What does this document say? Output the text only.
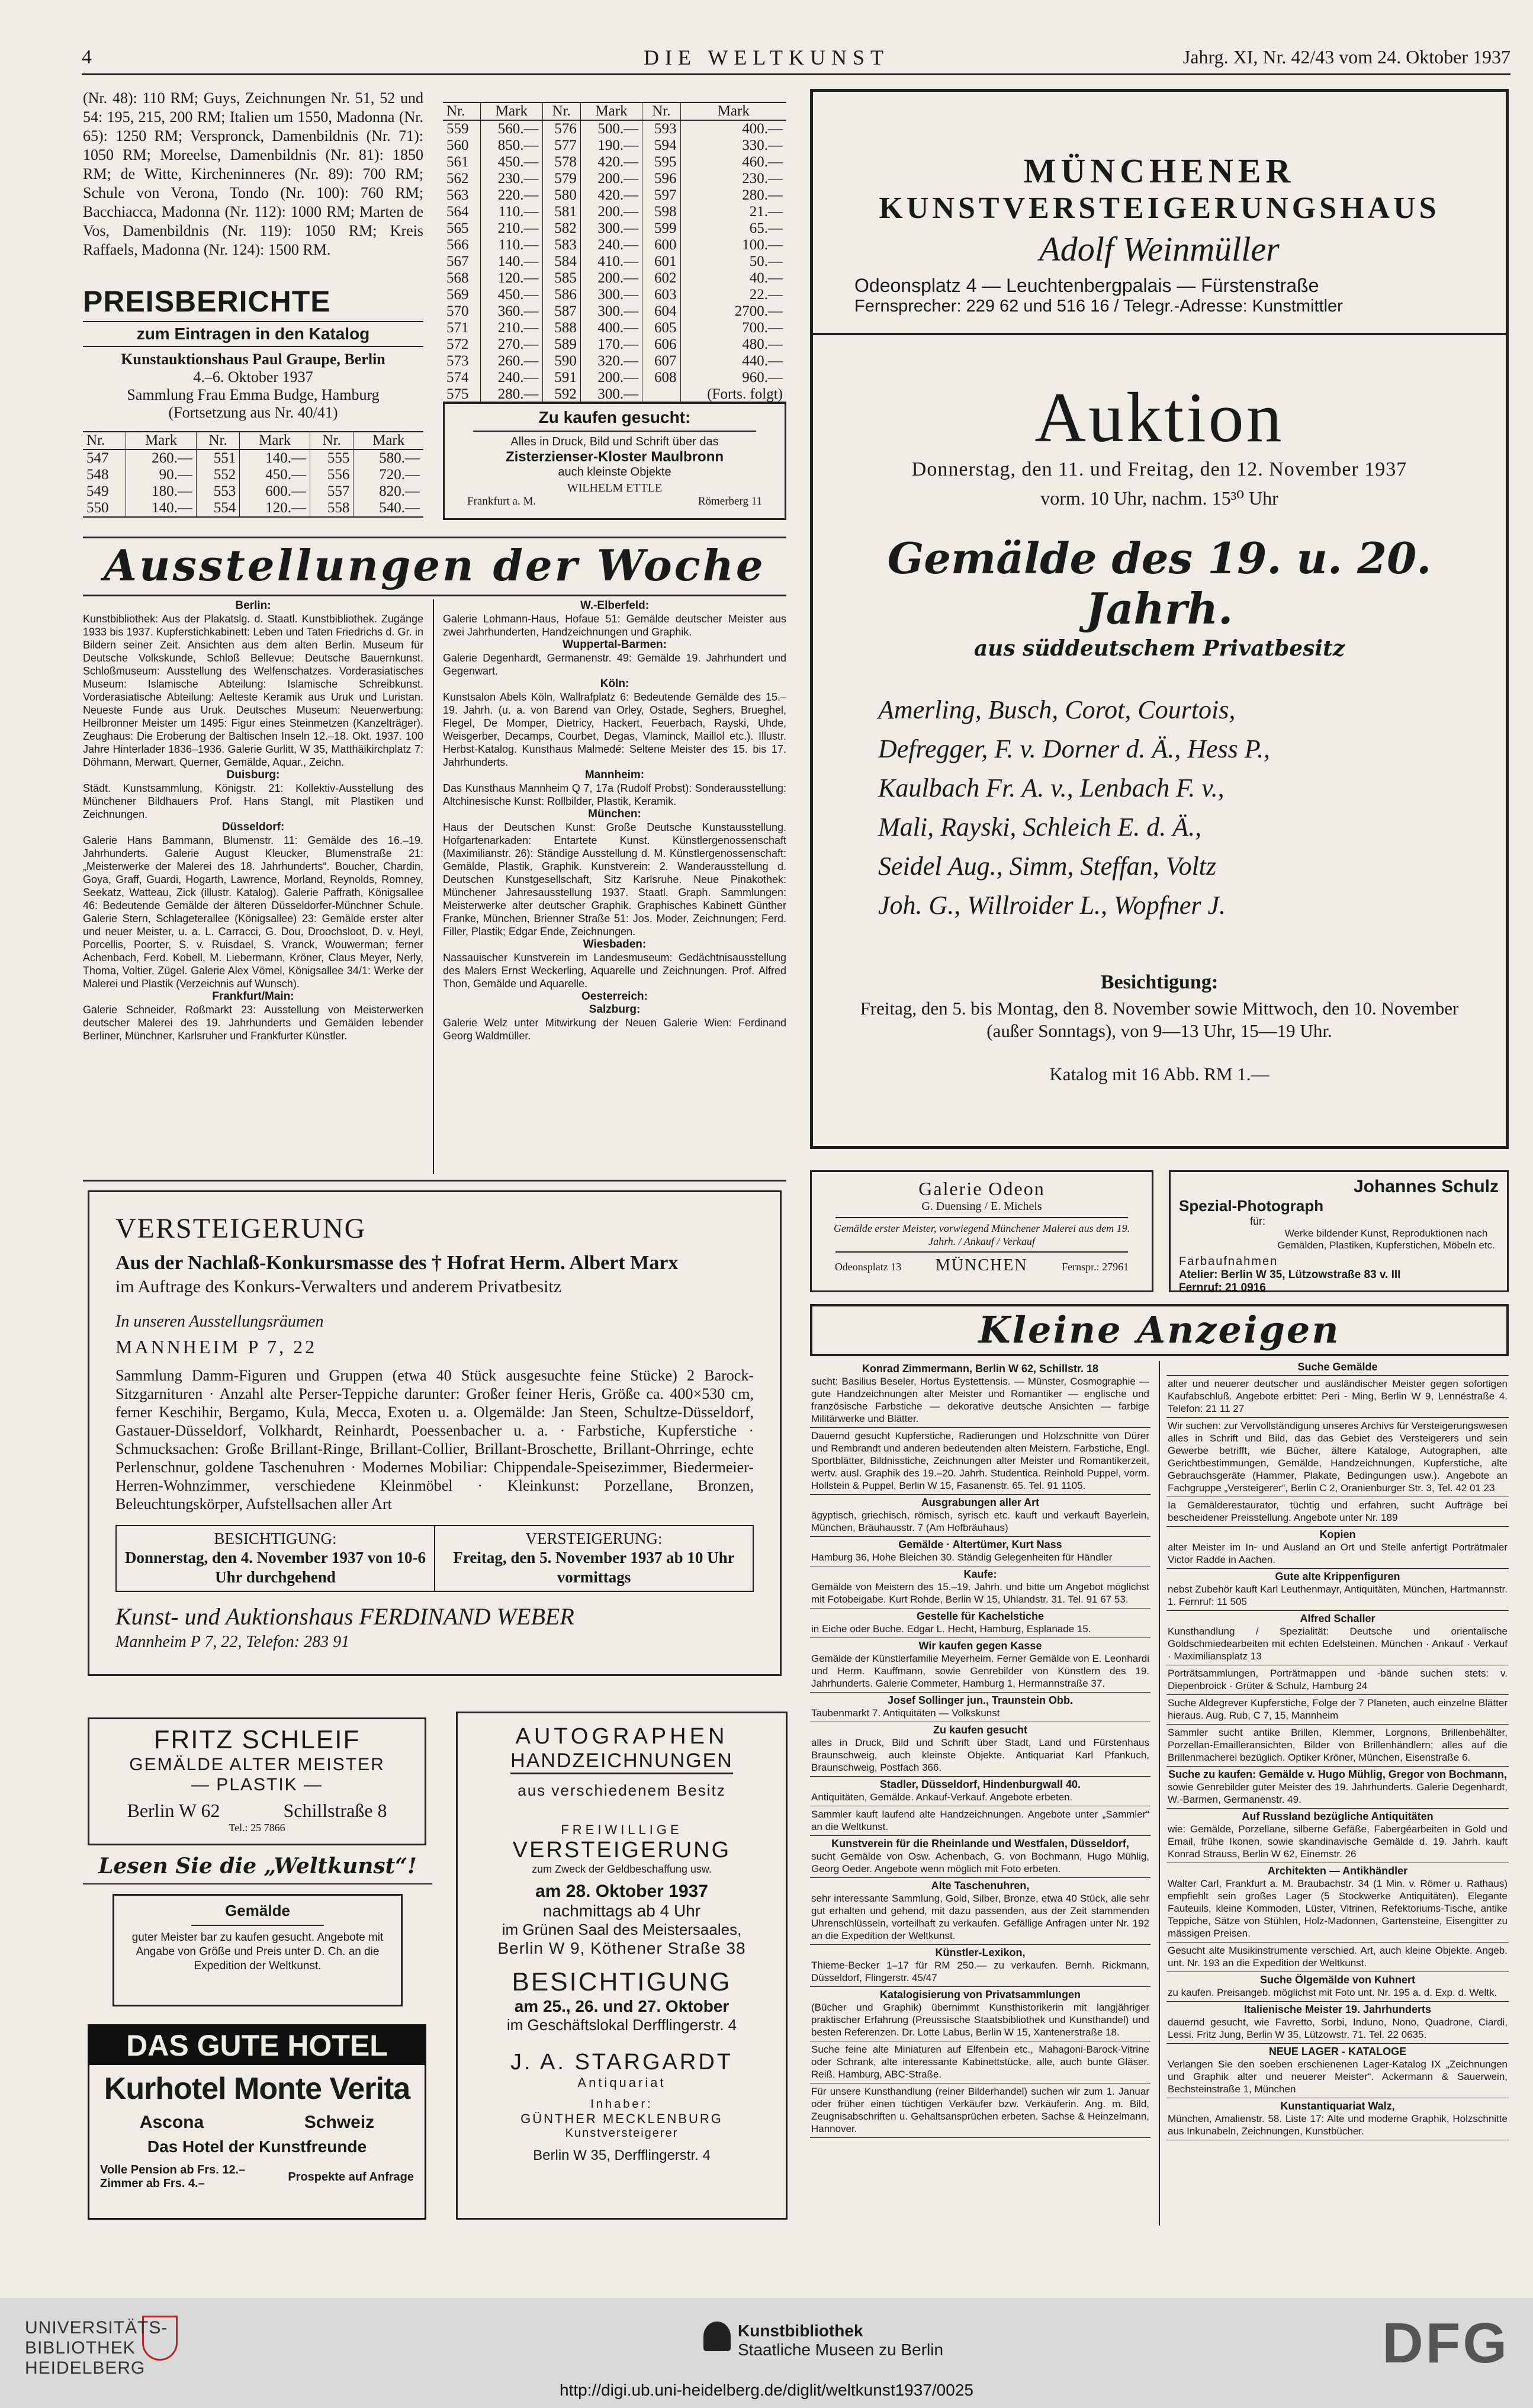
4	DIE WELTKUNST	Jahrg. XI, Nr. 42/43 vom 24. Oktober 1937
(Nr. 48): 110 RM; Guys, Zeichnungen Nr. 51, 52 und 54: 195, 215, 200 RM; Italien um 1550, Madonna (Nr. 65): 1250 RM; Verspronck, Damenbildnis (Nr. 71): 1050 RM; Moreelse, Damenbildnis (Nr. 81): 1850 RM; de Witte, Kircheninneres (Nr. 89): 700 RM; Schule von Verona, Tondo (Nr. 100): 760 RM; Bacchiacca, Madonna (Nr. 112): 1000 RM; Marten de Vos, Damenbildnis (Nr. 119): 1050 RM; Kreis Raffaels, Madonna (Nr. 124): 1500 RM.
PREISBERICHTE
zum Eintragen in den Katalog
Kunstauktionshaus Paul Graupe, Berlin
4.–6. Oktober 1937
Sammlung Frau Emma Budge, Hamburg
(Fortsetzung aus Nr. 40/41)
Nr.	Mark	Nr.	Mark	Nr.	Mark
547	260.—	551	140.—	555	580.—
548	90.—	552	450.—	556	720.—
549	180.—	553	600.—	557	820.—
550	140.—	554	120.—	558	540.—
Nr.	Mark	Nr.	Mark	Nr.	Mark
559	560.—	576	500.—	593	400.—
560	850.—	577	190.—	594	330.—
561	450.—	578	420.—	595	460.—
562	230.—	579	200.—	596	230.—
563	220.—	580	420.—	597	280.—
564	110.—	581	200.—	598	21.—
565	210.—	582	300.—	599	65.—
566	110.—	583	240.—	600	100.—
567	140.—	584	410.—	601	50.—
568	120.—	585	200.—	602	40.—
569	450.—	586	300.—	603	22.—
570	360.—	587	300.—	604	2700.—
571	210.—	588	400.—	605	700.—
572	270.—	589	170.—	606	480.—
573	260.—	590	320.—	607	440.—
574	240.—	591	200.—	608	960.—
575	280.—	592	300.—		(Forts. folgt)
Zu kaufen gesucht:
Alles in Druck, Bild und Schrift über das
Zisterzienser-Kloster Maulbronn
auch kleinste Objekte
WILHELM ETTLE
Frankfurt a. M.	Römerberg 11
Ausstellungen der Woche
Berlin:
Kunstbibliothek: Aus der Plakatslg. d. Staatl. Kunstbibliothek. Zugänge 1933 bis 1937. Kupferstichkabinett: Leben und Taten Friedrichs d. Gr. in Bildern seiner Zeit. Ansichten aus dem alten Berlin. Museum für Deutsche Volkskunde, Schloß Bellevue: Deutsche Bauernkunst. Schloßmuseum: Ausstellung des Welfenschatzes. Vorderasiatisches Museum: Islamische Abteilung: Islamische Schreibkunst. Vorderasiatische Abteilung: Aelteste Keramik aus Uruk und Luristan. Neueste Funde aus Uruk. Deutsches Museum: Neuerwerbung: Heilbronner Meister um 1495: Figur eines Steinmetzen (Kanzelträger). Zeughaus: Die Eroberung der Baltischen Inseln 12.–18. Okt. 1937. 100 Jahre Hinterlader 1836–1936. Galerie Gurlitt, W 35, Matthäikirchplatz 7: Döhmann, Merwart, Querner, Gemälde, Aquar., Zeichn.
Duisburg:
Städt. Kunstsammlung, Königstr. 21: Kollektiv-Ausstellung des Münchener Bildhauers Prof. Hans Stangl, mit Plastiken und Zeichnungen.
Düsseldorf:
Galerie Hans Bammann, Blumenstr. 11: Gemälde des 16.–19. Jahrhunderts. Galerie August Kleucker, Blumenstraße 21: „Meisterwerke der Malerei des 18. Jahrhunderts“. Boucher, Chardin, Goya, Graff, Guardi, Hogarth, Lawrence, Morland, Reynolds, Romney, Seekatz, Watteau, Zick (illustr. Katalog). Galerie Paffrath, Königsallee 46: Bedeutende Gemälde der älteren Düsseldorfer-Münchner Schule. Galerie Stern, Schlageterallee (Königsallee) 23: Gemälde erster alter und neuer Meister, u. a. L. Carracci, G. Dou, Droochsloot, D. v. Heyl, Porcellis, Poorter, S. v. Ruisdael, S. Vranck, Wouwerman; ferner Achenbach, Ferd. Kobell, M. Liebermann, Kröner, Claus Meyer, Nerly, Thoma, Voltier, Zügel. Galerie Alex Vömel, Königsallee 34/1: Werke der Malerei und Plastik (Verzeichnis auf Wunsch).
Frankfurt/Main:
Galerie Schneider, Roßmarkt 23: Ausstellung von Meisterwerken deutscher Malerei des 19. Jahrhunderts und Gemälden lebender Berliner, Münchner, Karlsruher und Frankfurter Künstler.
W.-Elberfeld:
Galerie Lohmann-Haus, Hofaue 51: Gemälde deutscher Meister aus zwei Jahrhunderten, Handzeichnungen und Graphik.
Wuppertal-Barmen:
Galerie Degenhardt, Germanenstr. 49: Gemälde 19. Jahrhundert und Gegenwart.
Köln:
Kunstsalon Abels Köln, Wallrafplatz 6: Bedeutende Gemälde des 15.–19. Jahrh. (u. a. von Barend van Orley, Ostade, Seghers, Brueghel, Flegel, De Momper, Dietricy, Hackert, Feuerbach, Rayski, Uhde, Weisgerber, Decamps, Courbet, Degas, Vlaminck, Maillol etc.). Illustr. Herbst-Katalog. Kunsthaus Malmedé: Seltene Meister des 15. bis 17. Jahrhunderts.
Mannheim:
Das Kunsthaus Mannheim Q 7, 17a (Rudolf Probst): Sonderausstellung: Altchinesische Kunst: Rollbilder, Plastik, Keramik.
München:
Haus der Deutschen Kunst: Große Deutsche Kunstausstellung. Hofgartenarkaden: Entartete Kunst. Künstlergenossenschaft (Maximilianstr. 26): Ständige Ausstellung d. M. Künstlergenossenschaft: Gemälde, Plastik, Graphik. Kunstverein: 2. Wanderausstellung d. Deutschen Kunstgesellschaft, Sitz Karlsruhe. Neue Pinakothek: Münchener Jahresausstellung 1937. Staatl. Graph. Sammlungen: Meisterwerke alter deutscher Graphik. Graphisches Kabinett Günther Franke, München, Brienner Straße 51: Jos. Moder, Zeichnungen; Ferd. Filler, Plastik; Edgar Ende, Zeichnungen.
Wiesbaden:
Nassauischer Kunstverein im Landesmuseum: Gedächtnisausstellung des Malers Ernst Weckerling, Aquarelle und Zeichnungen. Prof. Alfred Thon, Gemälde und Aquarelle.
Oesterreich:
Salzburg:
Galerie Welz unter Mitwirkung der Neuen Galerie Wien: Ferdinand Georg Waldmüller.
VERSTEIGERUNG
Aus der Nachlaß-Konkursmasse des † Hofrat Herm. Albert Marx
im Auftrage des Konkurs-Verwalters und anderem Privatbesitz
In unseren Ausstellungsräumen
MANNHEIM P 7, 22
Sammlung Damm-Figuren und Gruppen (etwa 40 Stück ausgesuchte feine Stücke) 2 Barock-Sitzgarnituren · Anzahl alte Perser-Teppiche darunter: Großer feiner Heris, Größe ca. 400×530 cm, ferner Keschihir, Bergamo, Kula, Mecca, Exoten u. a. Olgemälde: Jan Steen, Schultze-Düsseldorf, Gastauer-Düsseldorf, Volkhardt, Reinhardt, Poessenbacher u. a. · Farbstiche, Kupferstiche · Schmucksachen: Große Brillant-Ringe, Brillant-Collier, Brillant-Broschette, Brillant-Ohrringe, echte Perlenschnur, goldene Taschenuhren · Modernes Mobiliar: Chippendale-Speisezimmer, Biedermeier-Herren-Wohnzimmer, verschiedene Kleinmöbel · Kleinkunst: Porzellane, Bronzen, Beleuchtungskörper, Aufstellsachen aller Art
BESICHTIGUNG:
Donnerstag, den 4. November 1937 von 10-6 Uhr durchgehend
VERSTEIGERUNG:
Freitag, den 5. November 1937 ab 10 Uhr vormittags
Kunst- und Auktionshaus FERDINAND WEBER
Mannheim P 7, 22, Telefon: 283 91
FRITZ SCHLEIF
GEMÄLDE ALTER MEISTER
— PLASTIK —
Berlin W 62	Schillstraße 8
Tel.: 25 7866
Lesen Sie die „Weltkunst“!
Gemälde
guter Meister bar zu kaufen gesucht. Angebote mit Angabe von Größe und Preis unter D. Ch. an die Expedition der Weltkunst.
DAS GUTE HOTEL
Kurhotel Monte Verita
Ascona	Schweiz
Das Hotel der Kunstfreunde
Volle Pension ab Frs. 12.–
Zimmer ab Frs. 4.–
Prospekte auf Anfrage
AUTOGRAPHEN
HANDZEICHNUNGEN
aus verschiedenem Besitz
FREIWILLIGE
VERSTEIGERUNG
zum Zweck der Geldbeschaffung usw.
am 28. Oktober 1937
nachmittags ab 4 Uhr
im Grünen Saal des Meistersaales,
Berlin W 9, Köthener Straße 38
BESICHTIGUNG
am 25., 26. und 27. Oktober
im Geschäftslokal Derfflingerstr. 4
J. A. STARGARDT
Antiquariat
Inhaber:
GÜNTHER MECKLENBURG
Kunstversteigerer
Berlin W 35, Derfflingerstr. 4
MÜNCHENER
KUNSTVERSTEIGERUNGSHAUS
Adolf Weinmüller
Odeonsplatz 4 — Leuchtenbergpalais — Fürstenstraße
Fernsprecher: 229 62 und 516 16 / Telegr.-Adresse: Kunstmittler
Auktion
Donnerstag, den 11. und Freitag, den 12. November 1937
vorm. 10 Uhr, nachm. 15³⁰ Uhr
Gemälde des 19. u. 20. Jahrh.
aus süddeutschem Privatbesitz
Amerling, Busch, Corot, Courtois,
Defregger, F. v. Dorner d. Ä., Hess P.,
Kaulbach Fr. A. v., Lenbach F. v.,
Mali, Rayski, Schleich E. d. Ä.,
Seidel Aug., Simm, Steffan, Voltz
Joh. G., Willroider L., Wopfner J.
Besichtigung:
Freitag, den 5. bis Montag, den 8. November sowie Mittwoch, den 10. November (außer Sonntags), von 9—13 Uhr, 15—19 Uhr.
Katalog mit 16 Abb. RM 1.—
Galerie Odeon
G. Duensing / E. Michels
Gemälde erster Meister, vorwiegend Münchener Malerei aus dem 19. Jahrh. / Ankauf / Verkauf
Odeonsplatz 13 MÜNCHEN	Fernspr.: 27961
Johannes Schulz
Spezial-Photograph
für:
Werke bildender Kunst, Reproduktionen nach Gemälden, Plastiken, Kupferstichen, Möbeln etc.
Farbaufnahmen
Atelier: Berlin W 35, Lützowstraße 83 v. III
Fernruf: 21 0916
Kleine Anzeigen
Konrad Zimmermann, Berlin W 62, Schillstr. 18
sucht: Basilius Beseler, Hortus Eystettensis. — Münster, Cosmographie — gute Handzeichnungen alter Meister und Romantiker — englische und französische Farbstiche — dekorative deutsche Ansichten — farbige Militärwerke und Blätter.
Dauernd gesucht Kupferstiche, Radierungen und Holzschnitte von Dürer und Rembrandt und anderen bedeutenden alten Meistern. Farbstiche, Engl. Sportblätter, Bildnisstiche, Zeichnungen alter Meister und Romantikerzeit, wertv. ausl. Graphik des 19.–20. Jahrh. Studentica. Reinhold Puppel, vorm. Hollstein & Puppel, Berlin W 15, Fasanenstr. 65. Tel. 91 1105.
Ausgrabungen aller Art
ägyptisch, griechisch, römisch, syrisch etc. kauft und verkauft Bayerlein, München, Bräuhausstr. 7 (Am Hofbräuhaus)
Gemälde · Altertümer, Kurt Nass
Hamburg 36, Hohe Bleichen 30. Ständig Gelegenheiten für Händler
Kaufe:
Gemälde von Meistern des 15.–19. Jahrh. und bitte um Angebot möglichst mit Fotobeigabe. Kurt Rohde, Berlin W 15, Uhlandstr. 31. Tel. 91 67 53.
Gestelle für Kachelstiche
in Eiche oder Buche. Edgar L. Hecht, Hamburg, Esplanade 15.
Wir kaufen gegen Kasse
Gemälde der Künstlerfamilie Meyerheim. Ferner Gemälde von E. Leonhardi und Herm. Kauffmann, sowie Genrebilder von Künstlern des 19. Jahrhunderts. Galerie Commeter, Hamburg 1, Hermannstraße 37.
Josef Sollinger jun., Traunstein Obb.
Taubenmarkt 7. Antiquitäten — Volkskunst
Zu kaufen gesucht
alles in Druck, Bild und Schrift über Stadt, Land und Fürstenhaus Braunschweig, auch kleinste Objekte. Antiquariat Karl Pfankuch, Braunschweig, Postfach 366.
Stadler, Düsseldorf, Hindenburgwall 40.
Antiquitäten, Gemälde. Ankauf-Verkauf. Angebote erbeten.
Sammler kauft laufend alte Handzeichnungen. Angebote unter „Sammler“ an die Weltkunst.
Kunstverein für die Rheinlande und Westfalen, Düsseldorf,
sucht Gemälde von Osw. Achenbach, G. von Bochmann, Hugo Mühlig, Georg Oeder. Angebote wenn möglich mit Foto erbeten.
Alte Taschenuhren,
sehr interessante Sammlung, Gold, Silber, Bronze, etwa 40 Stück, alle sehr gut erhalten und gehend, mit dazu passenden, aus der Zeit stammenden Uhrenschlüsseln, vorteilhaft zu verkaufen. Gefällige Anfragen unter Nr. 192 an die Expedition der Weltkunst.
Künstler-Lexikon,
Thieme-Becker 1–17 für RM 250.— zu verkaufen. Bernh. Rickmann, Düsseldorf, Flingerstr. 45/47
Katalogisierung von Privatsammlungen
(Bücher und Graphik) übernimmt Kunsthistorikerin mit langjähriger praktischer Erfahrung (Preussische Staatsbibliothek und Kunsthandel) und besten Referenzen. Dr. Lotte Labus, Berlin W 15, Xantenerstraße 18.
Suche feine alte Miniaturen auf Elfenbein etc., Mahagoni-Barock-Vitrine oder Schrank, alte interessante Kabinettstücke, alle, auch bunte Gläser. Reiß, Hamburg, ABC-Straße.
Für unsere Kunsthandlung (reiner Bilderhandel) suchen wir zum 1. Januar oder früher einen tüchtigen Verkäufer bzw. Verkäuferin. Ang. m. Bild, Zeugnisabschriften u. Gehaltsansprüchen erbeten. Sachse & Heinzelmann, Hannover.
Suche Gemälde
alter und neuerer deutscher und ausländischer Meister gegen sofortigen Kaufabschluß. Angebote erbittet: Peri - Ming, Berlin W 9, Lennéstraße 4. Telefon: 21 11 27
Wir suchen: zur Vervollständigung unseres Archivs für Versteigerungswesen alles in Schrift und Bild, das das Gebiet des Versteigerers und sein Gewerbe betrifft, wie Bücher, ältere Kataloge, Autographen, alte Gerichtbestimmungen, Gemälde, Handzeichnungen, Kupferstiche, alte Gebrauchsgeräte (Hammer, Plakate, Bedingungen usw.). Angebote an Fachgruppe „Versteigerer“, Berlin C 2, Oranienburger Str. 3, Tel. 42 01 23
Ia Gemälderestaurator, tüchtig und erfahren, sucht Aufträge bei bescheidener Preisstellung. Angebote unter Nr. 189
Kopien
alter Meister im In- und Ausland an Ort und Stelle anfertigt Porträtmaler Victor Radde in Aachen.
Gute alte Krippenfiguren
nebst Zubehör kauft Karl Leuthenmayr, Antiquitäten, München, Hartmannstr. 1. Fernruf: 11 505
Alfred Schaller
Kunsthandlung / Spezialität: Deutsche und orientalische Goldschmiedearbeiten mit echten Edelsteinen. München · Ankauf · Verkauf · Maximiliansplatz 13
Porträtsammlungen, Porträtmappen und -bände suchen stets: v. Diepenbroick · Grüter & Schulz, Hamburg 24
Suche Aldegrever Kupferstiche, Folge der 7 Planeten, auch einzelne Blätter hieraus. Aug. Rub, C 7, 15, Mannheim
Sammler sucht antike Brillen, Klemmer, Lorgnons, Brillenbehälter, Porzellan-Emailleransichten, Bilder von Brillenhändlern; alles auf die Brillenmacherei bezüglich. Optiker Kröner, München, Eisenstraße 6.
Suche zu kaufen: Gemälde v. Hugo Mühlig, Gregor von Bochmann,
sowie Genrebilder guter Meister des 19. Jahrhunderts. Galerie Degenhardt, W.-Barmen, Germanenstr. 49.
Auf Russland bezügliche Antiquitäten
wie: Gemälde, Porzellane, silberne Gefäße, Fabergéarbeiten in Gold und Email, frühe Ikonen, sowie skandinavische Gemälde d. 19. Jahrh. kauft Konrad Strauss, Berlin W 62, Einemstr. 26
Architekten — Antikhändler
Walter Carl, Frankfurt a. M. Braubachstr. 34 (1 Min. v. Römer u. Rathaus) empfiehlt sein großes Lager (5 Stockwerke Antiquitäten). Elegante Fauteuils, kleine Kommoden, Lüster, Vitrinen, Refektoriums-Tische, antike Teppiche, Sätze von Stühlen, Holz-Madonnen, Gartensteine, Eisengitter zu mässigen Preisen.
Gesucht alte Musikinstrumente verschied. Art, auch kleine Objekte. Angeb. unt. Nr. 193 an die Expedition der Weltkunst.
Suche Ölgemälde von Kuhnert
zu kaufen. Preisangeb. möglichst mit Foto unt. Nr. 195 a. d. Exp. d. Weltk.
Italienische Meister 19. Jahrhunderts
dauernd gesucht, wie Favretto, Sorbi, Induno, Nono, Quadrone, Ciardi, Lessi. Fritz Jung, Berlin W 35, Lützowstr. 71. Tel. 22 0635.
NEUE LAGER - KATALOGE
Verlangen Sie den soeben erschienenen Lager-Katalog IX „Zeichnungen und Graphik alter und neuerer Meister“. Ackermann & Sauerwein, Bechsteinstraße 1, München
Kunstantiquariat Walz,
München, Amalienstr. 58. Liste 17: Alte und moderne Graphik, Holzschnitte aus Inkunabeln, Zeichnungen, Kunstbücher.
UNIVERSITÄTS-
BIBLIOTHEK
HEIDELBERG
Kunstbibliothek
Staatliche Museen zu Berlin	DFG
http://digi.ub.uni-heidelberg.de/diglit/weltkunst1937/0025
